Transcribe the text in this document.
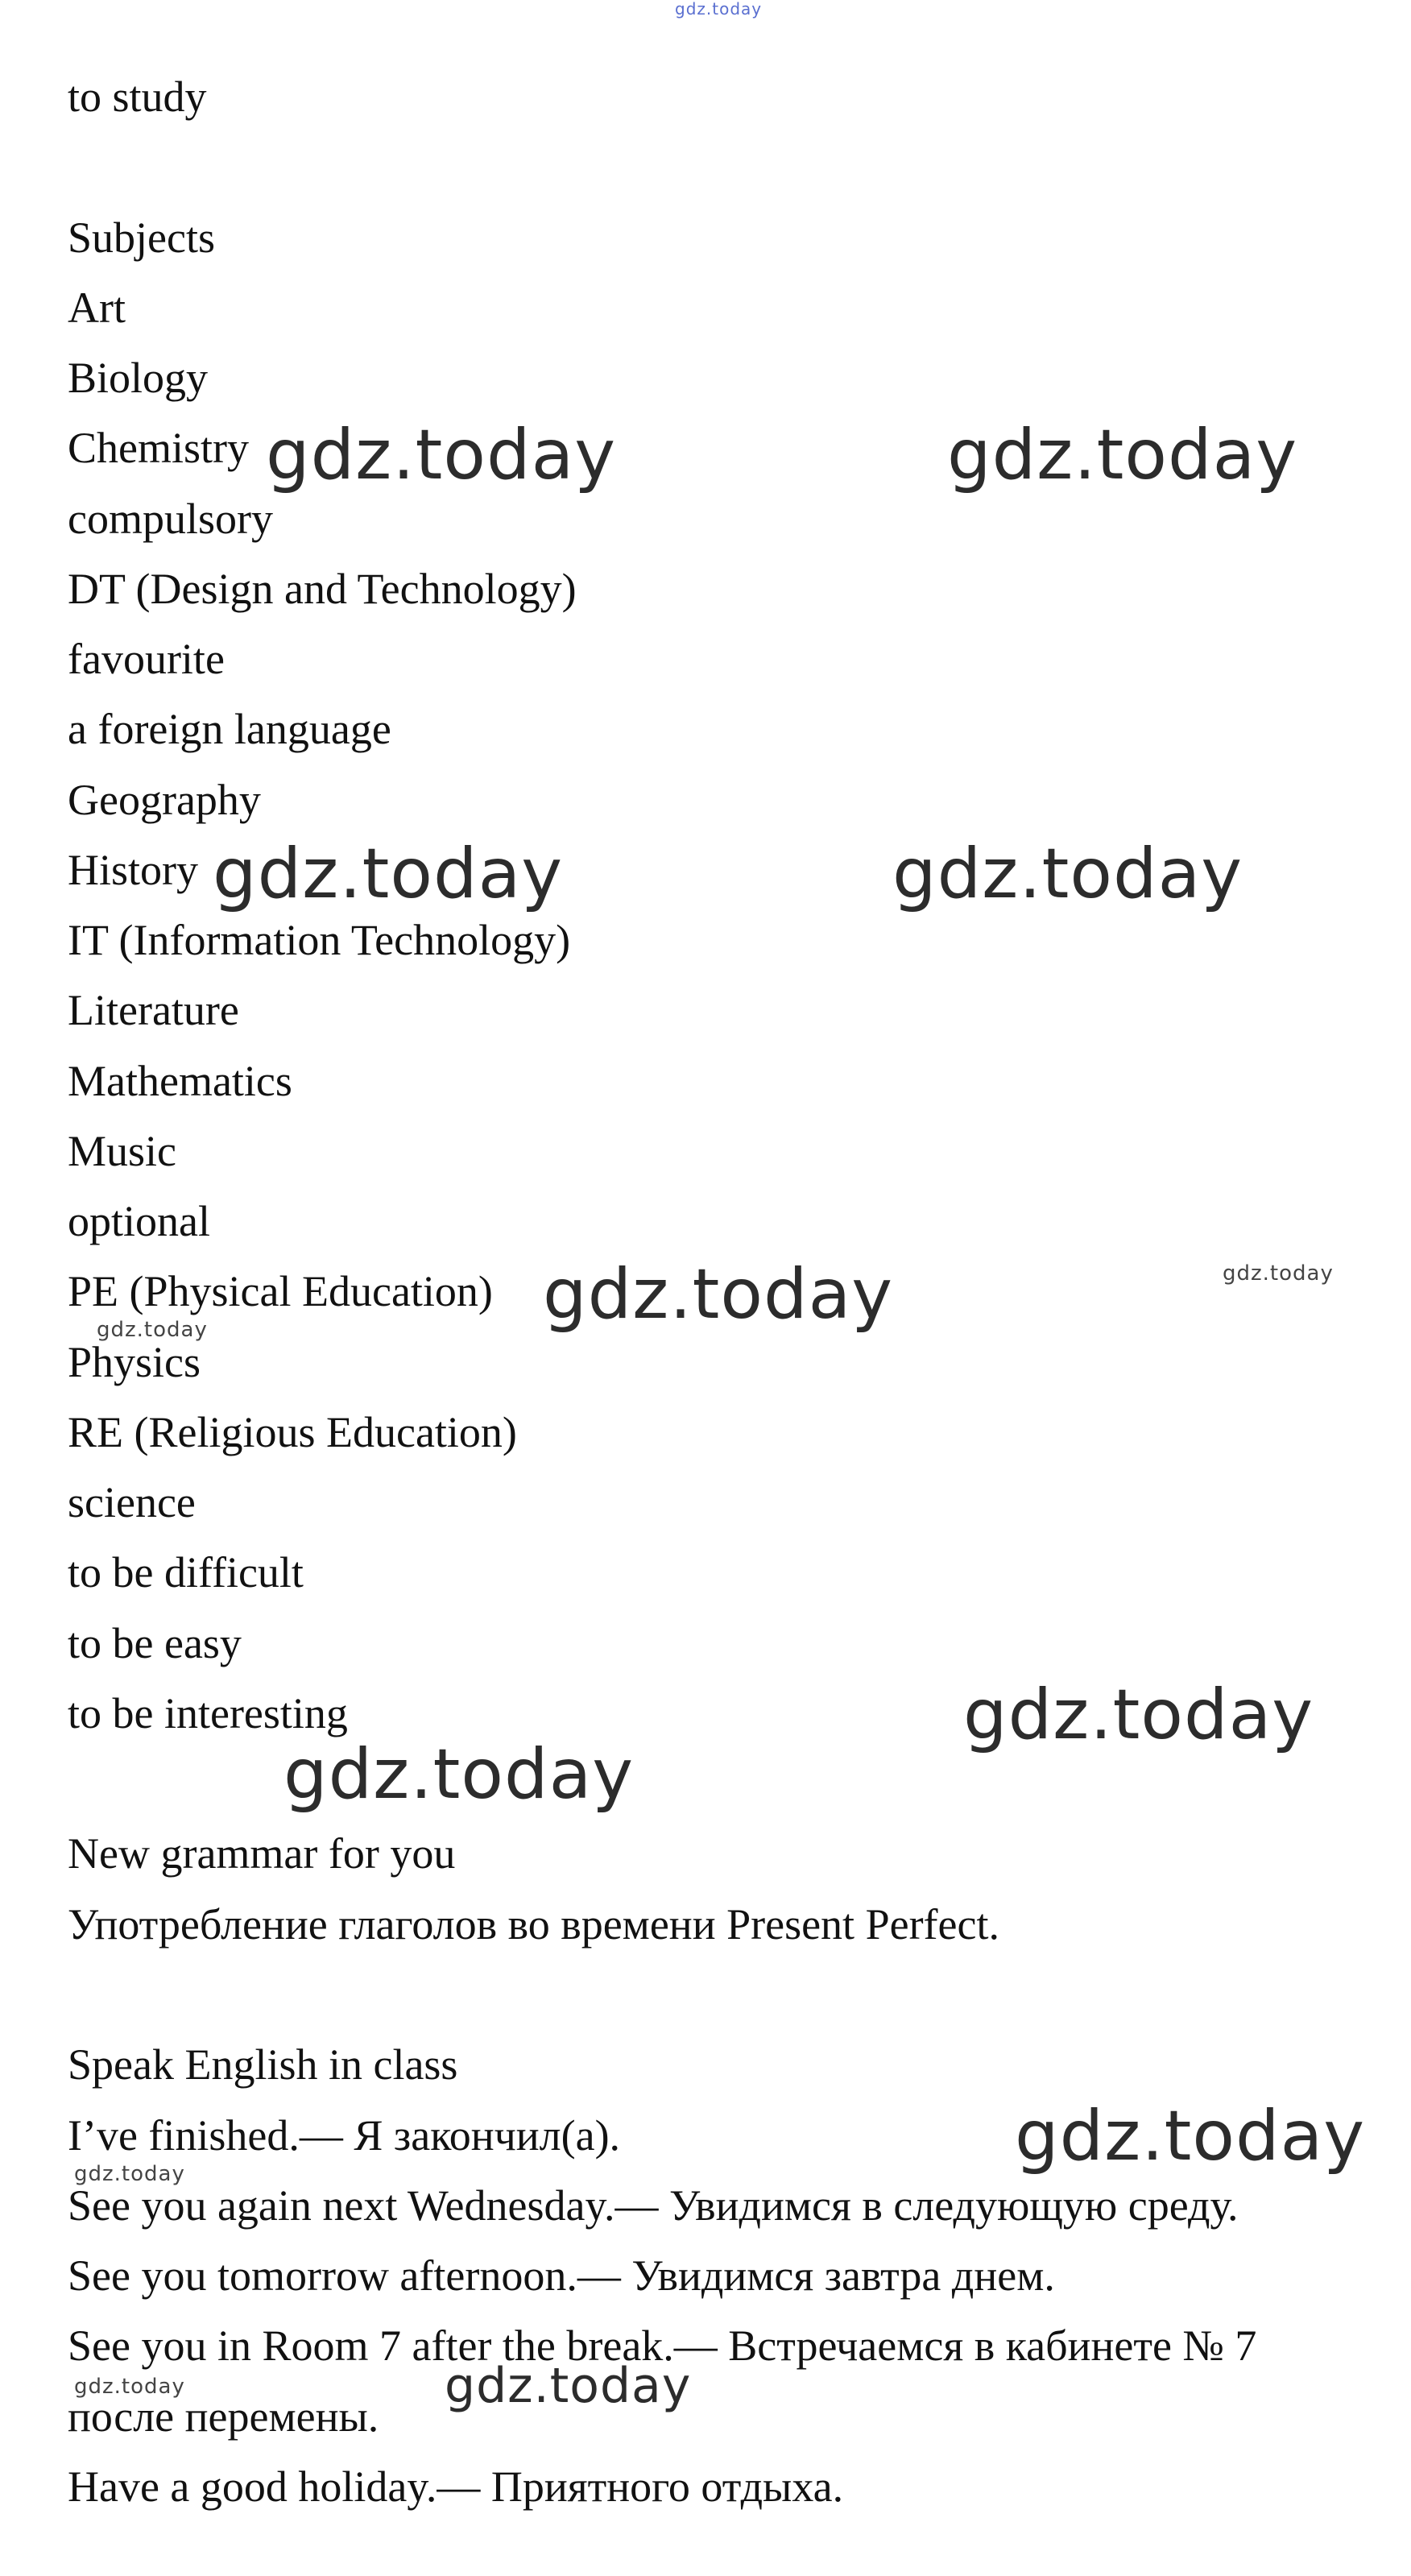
gdz.today
to study
Subjects
Art
Biology
Chemistry
compulsory
DT (Design and Technology)
favourite
a foreign language
Geography
History
IT (Information Technology)
Literature
Mathematics
Music
optional
PE (Physical Education)
Physics
RE (Religious Education)
science
to be difficult
to be easy
to be interesting
New grammar for you
Употребление глаголов во времени Present Perfect.
Speak English in class
I’ve finished.— Я закончил(а).
See you again next Wednesday.— Увидимся в следующую среду.
See you tomorrow afternoon.— Увидимся завтра днем.
See you in Room 7 after the break.— Встречаемся в кабинете № 7
после перемены.
Have a good holiday.— Приятного отдыха.
gdz.today	gdz.today
gdz.today	gdz.today
gdz.today	gdz.today
gdz.today
gdz.today
gdz.today
gdz.today
gdz.today
gdz.today	gdz.today
